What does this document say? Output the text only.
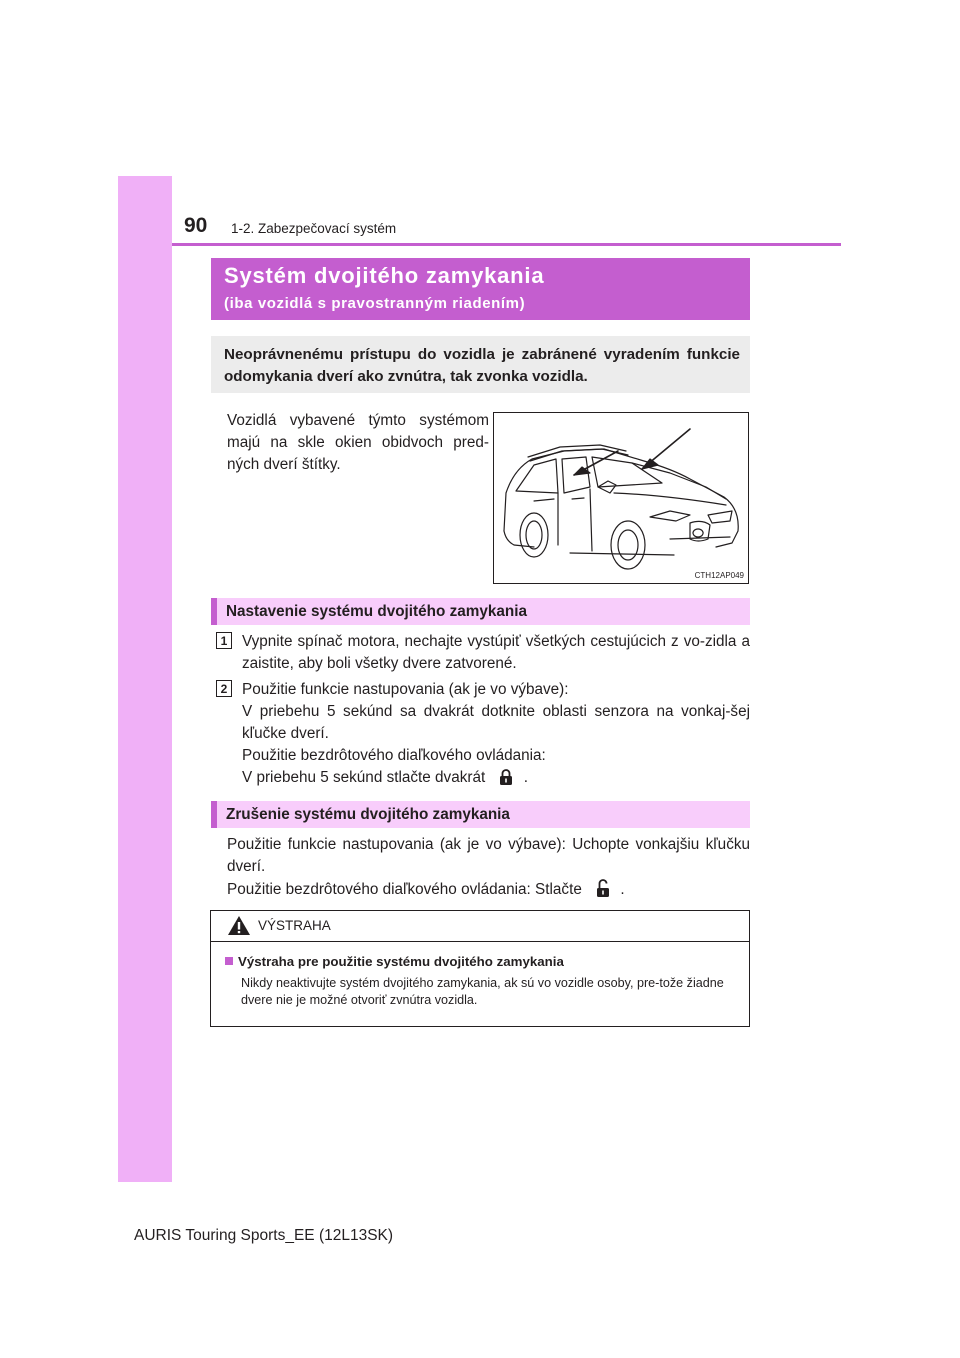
90 1-2. Zabezpečovací systém
Systém dvojitého zamykania
(iba vozidlá s pravostranným riadením)
Neoprávnenému prístupu do vozidla je zabránené vyradením funkcie odomykania dverí ako zvnútra, tak zvonka vozidla.
Vozidlá vybavené týmto systémom majú na skle okien obidvoch pred-ných dverí štítky.
CTH12AP049
Nastavenie systému dvojitého zamykania
1 Vypnite spínač motora, nechajte vystúpiť všetkých cestujúcich z vo-zidla a zaistite, aby boli všetky dvere zatvorené.
2 Použitie funkcie nastupovania (ak je vo výbave):
V priebehu 5 sekúnd sa dvakrát dotknite oblasti senzora na vonkaj-šej kľučke dverí.
Použitie bezdrôtového diaľkového ovládania:
V priebehu 5 sekúnd stlačte dvakrát	.
Zrušenie systému dvojitého zamykania
Použitie funkcie nastupovania (ak je vo výbave): Uchopte vonkajšiu kľučku dverí.
Použitie bezdrôtového diaľkového ovládania: Stlačte	.
VÝSTRAHA
Výstraha pre použitie systému dvojitého zamykania
Nikdy neaktivujte systém dvojitého zamykania, ak sú vo vozidle osoby, pre-tože žiadne dvere nie je možné otvoriť zvnútra vozidla.
AURIS Touring Sports_EE (12L13SK)
